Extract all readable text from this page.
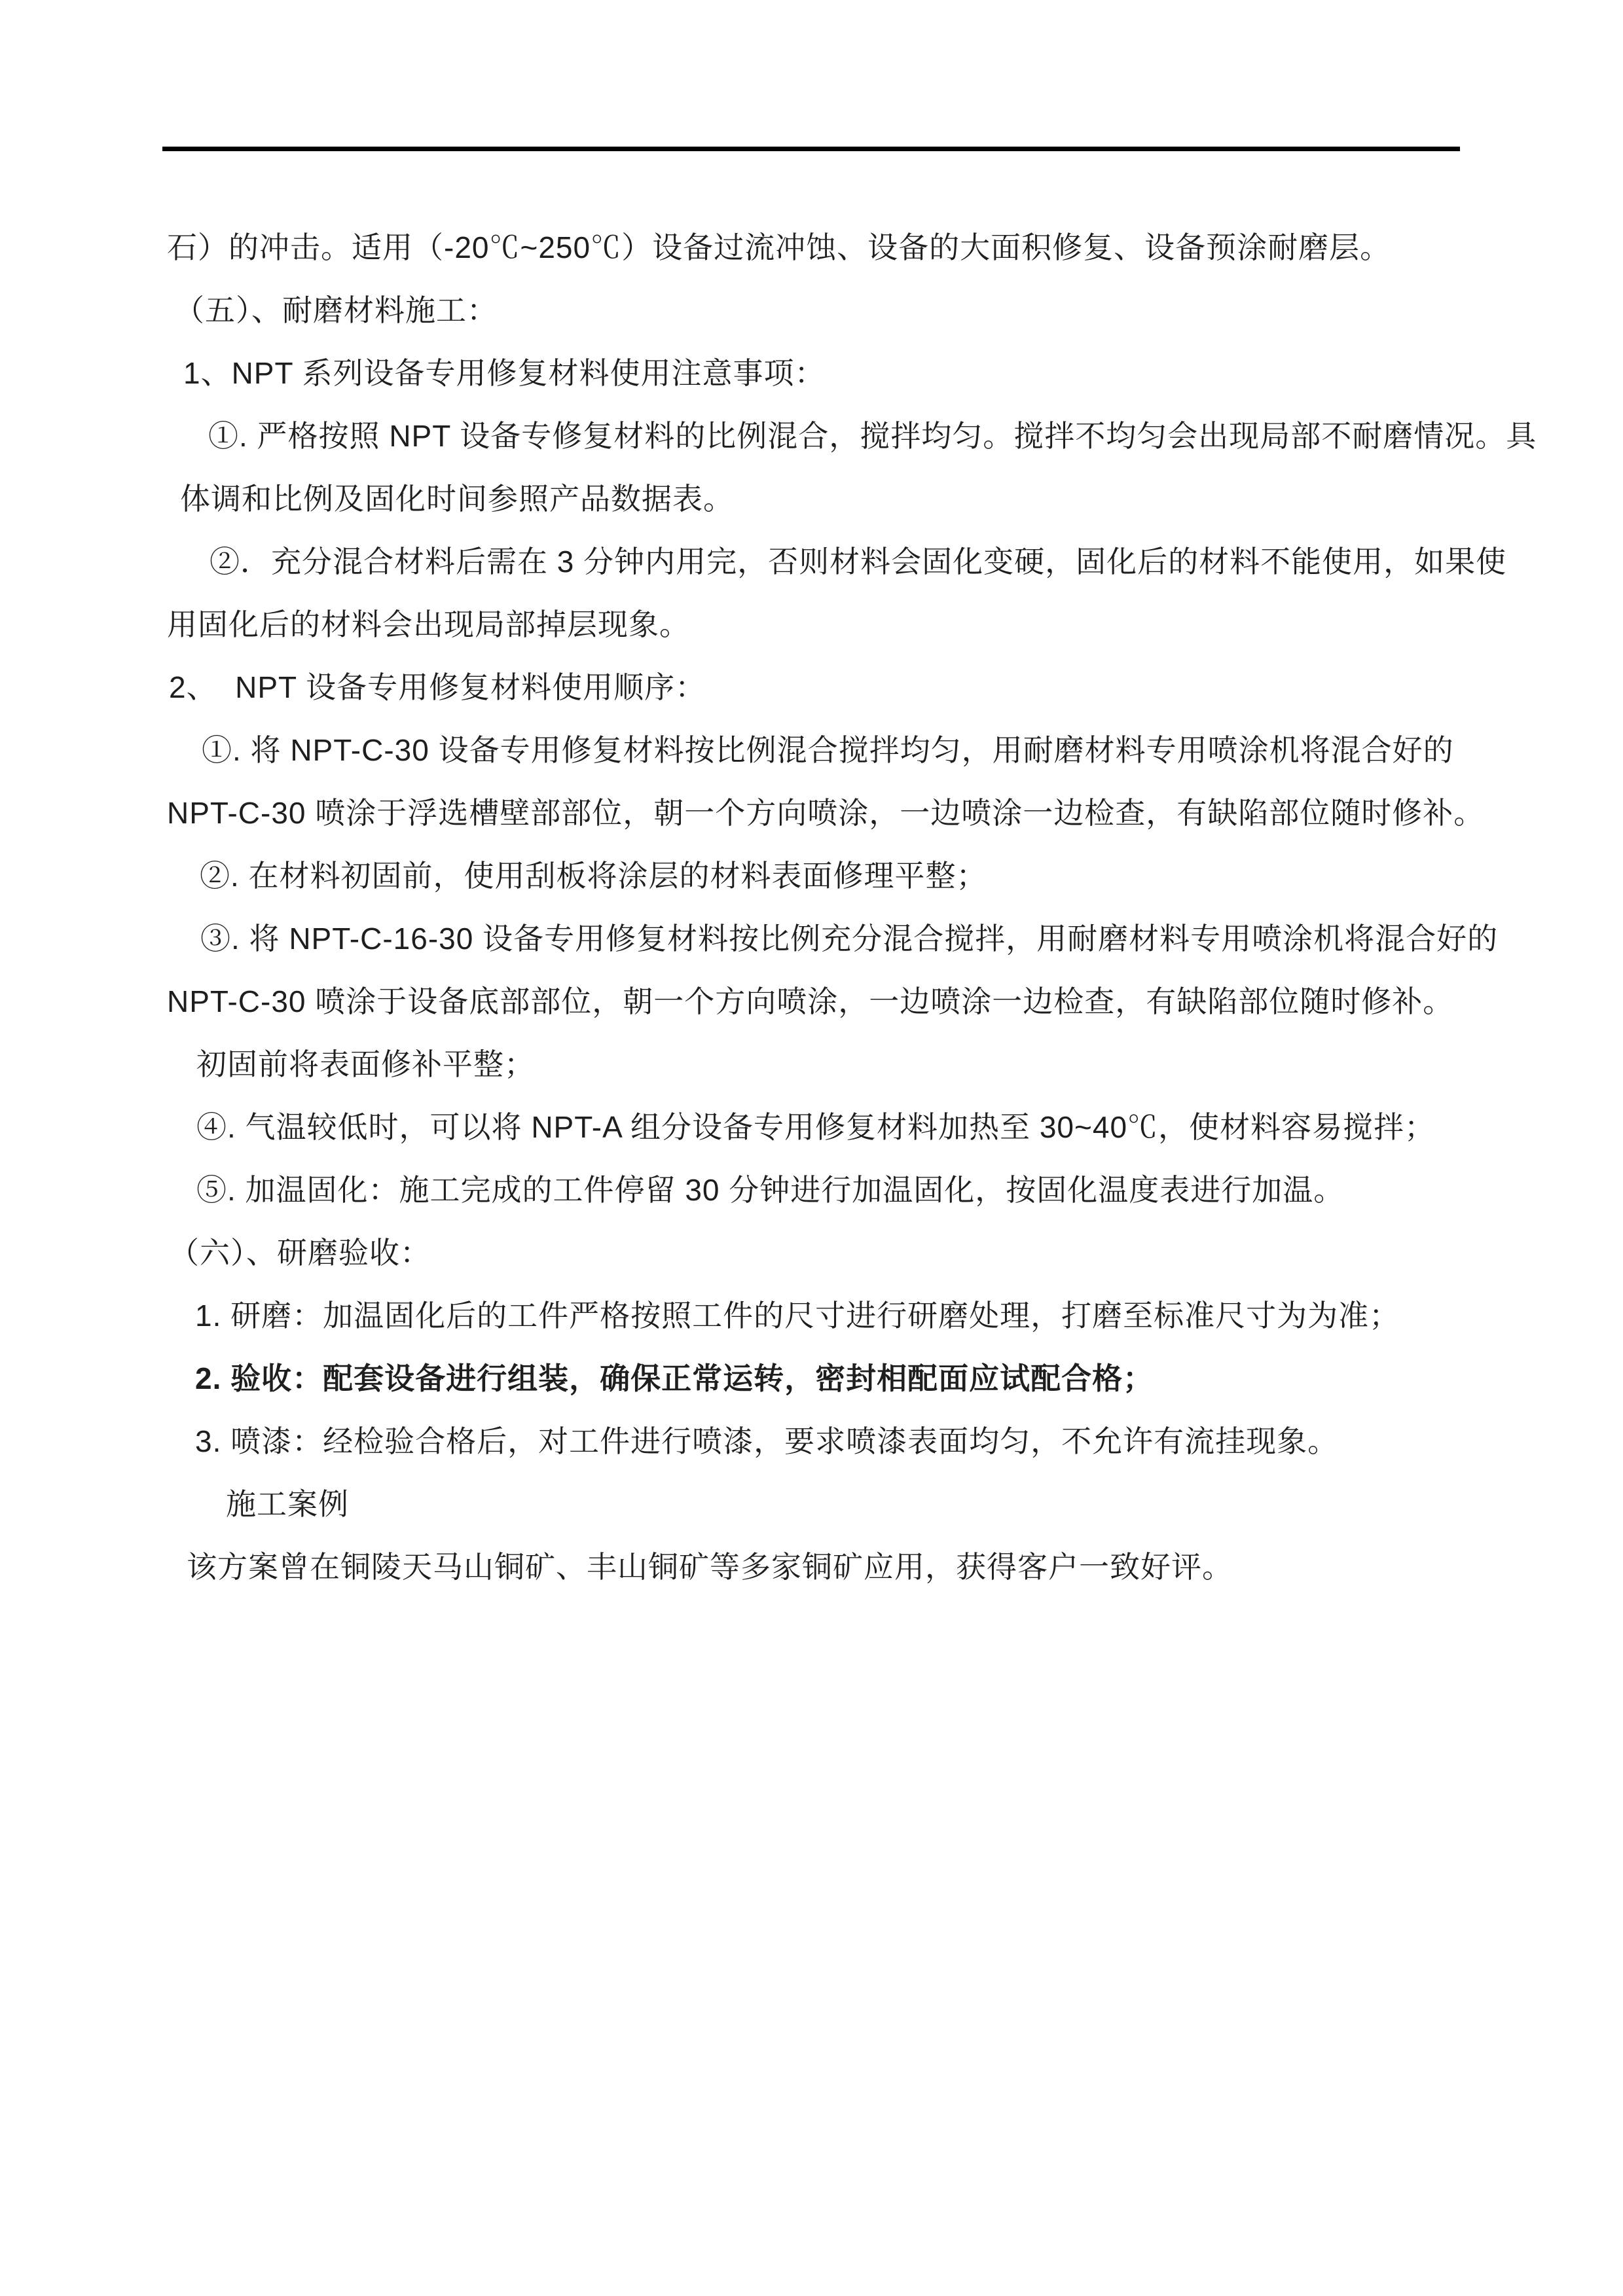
石）的冲击。适用（-20℃~250℃）设备过流冲蚀、设备的大面积修复、设备预涂耐磨层。
（五）、耐磨材料施工：
1、NPT 系列设备专用修复材料使用注意事项：
①. 严格按照 NPT 设备专修复材料的比例混合，搅拌均匀。搅拌不均匀会出现局部不耐磨情况。具
体调和比例及固化时间参照产品数据表。
②．充分混合材料后需在 3 分钟内用完，否则材料会固化变硬，固化后的材料不能使用，如果使
用固化后的材料会出现局部掉层现象。
2、  NPT 设备专用修复材料使用顺序：
①. 将 NPT-C-30 设备专用修复材料按比例混合搅拌均匀，用耐磨材料专用喷涂机将混合好的
NPT-C-30 喷涂于浮选槽壁部部位，朝一个方向喷涂，一边喷涂一边检查，有缺陷部位随时修补。
②. 在材料初固前，使用刮板将涂层的材料表面修理平整；
③. 将 NPT-C-16-30 设备专用修复材料按比例充分混合搅拌，用耐磨材料专用喷涂机将混合好的
NPT-C-30 喷涂于设备底部部位，朝一个方向喷涂，一边喷涂一边检查，有缺陷部位随时修补。
初固前将表面修补平整；
④. 气温较低时，可以将 NPT-A 组分设备专用修复材料加热至 30~40℃，使材料容易搅拌；
⑤. 加温固化：施工完成的工件停留 30 分钟进行加温固化，按固化温度表进行加温。
（六）、研磨验收：
1. 研磨：加温固化后的工件严格按照工件的尺寸进行研磨处理，打磨至标准尺寸为为准；
2. 验收：配套设备进行组装，确保正常运转，密封相配面应试配合格；
3. 喷漆：经检验合格后，对工件进行喷漆，要求喷漆表面均匀，不允许有流挂现象。
施工案例
该方案曾在铜陵天马山铜矿、丰山铜矿等多家铜矿应用，获得客户一致好评。
